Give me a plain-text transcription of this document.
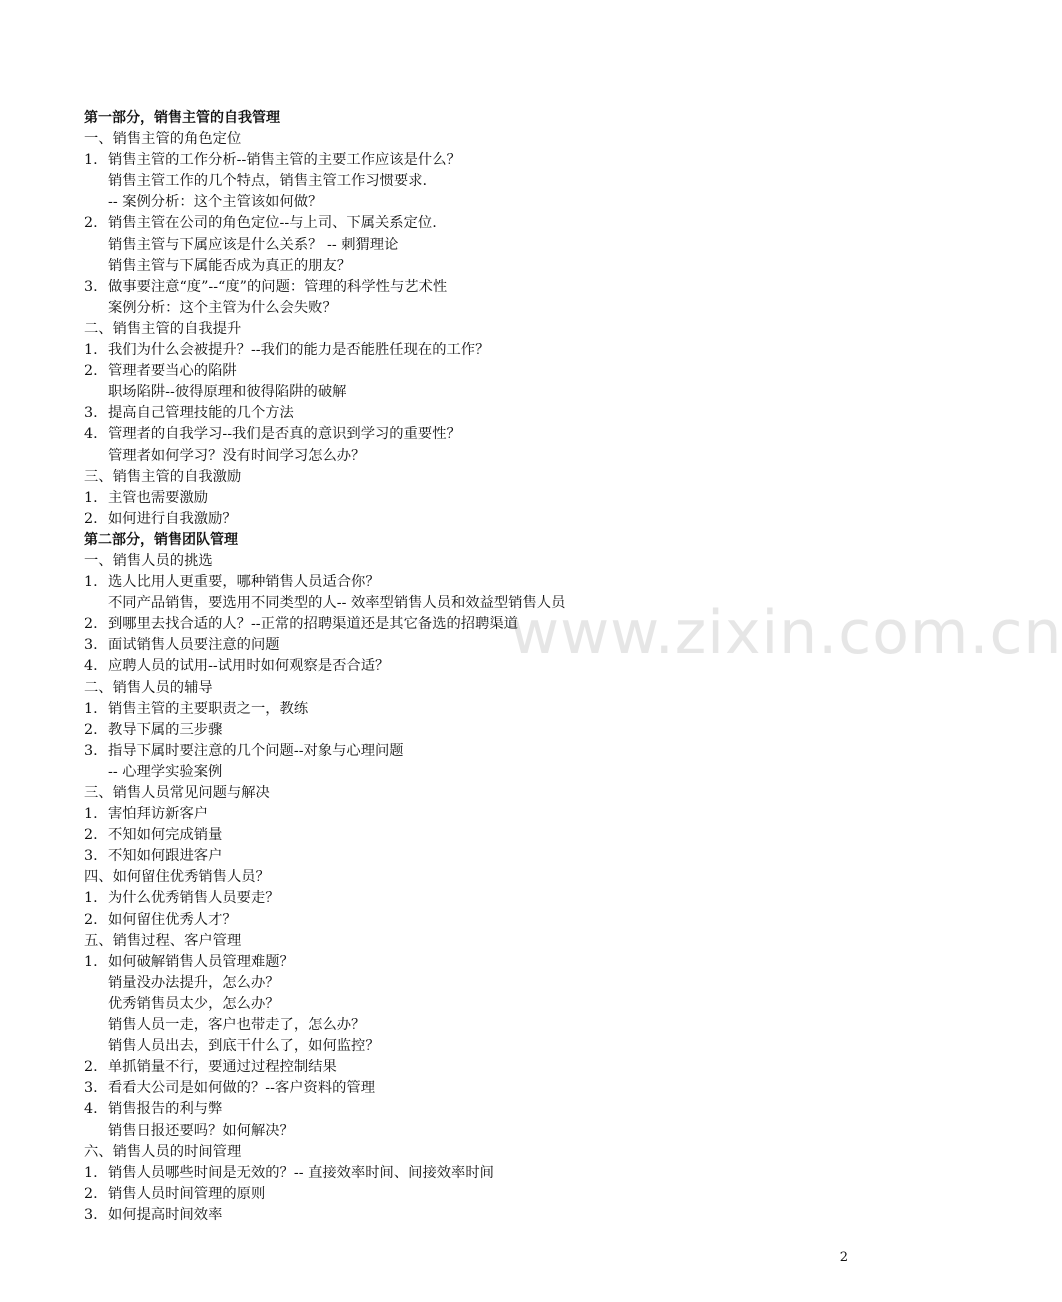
www.zixin.com.cn
第一部分，销售主管的自我管理
一、销售主管的角色定位
1. 销售主管的工作分析--销售主管的主要工作应该是什么？
销售主管工作的几个特点，销售主管工作习惯要求.
-- 案例分析：这个主管该如何做？
2. 销售主管在公司的角色定位--与上司、下属关系定位.
销售主管与下属应该是什么关系？ -- 刺猬理论
销售主管与下属能否成为真正的朋友？
3. 做事要注意“度”--“度”的问题：管理的科学性与艺术性
案例分析：这个主管为什么会失败？
二、销售主管的自我提升
1. 我们为什么会被提升？--我们的能力是否能胜任现在的工作？
2. 管理者要当心的陷阱
职场陷阱--彼得原理和彼得陷阱的破解
3. 提高自己管理技能的几个方法
4. 管理者的自我学习--我们是否真的意识到学习的重要性？
管理者如何学习？没有时间学习怎么办？
三、销售主管的自我激励
1. 主管也需要激励
2. 如何进行自我激励？
第二部分，销售团队管理
一、销售人员的挑选
1. 选人比用人更重要，哪种销售人员适合你？
不同产品销售，要选用不同类型的人-- 效率型销售人员和效益型销售人员
2. 到哪里去找合适的人？--正常的招聘渠道还是其它备选的招聘渠道
3. 面试销售人员要注意的问题
4. 应聘人员的试用--试用时如何观察是否合适？
二、销售人员的辅导
1. 销售主管的主要职责之一，教练
2. 教导下属的三步骤
3. 指导下属时要注意的几个问题--对象与心理问题
-- 心理学实验案例
三、销售人员常见问题与解决
1. 害怕拜访新客户
2. 不知如何完成销量
3. 不知如何跟进客户
四、如何留住优秀销售人员？
1. 为什么优秀销售人员要走？
2. 如何留住优秀人才？
五、销售过程、客户管理
1. 如何破解销售人员管理难题？
销量没办法提升，怎么办？
优秀销售员太少，怎么办？
销售人员一走，客户也带走了，怎么办？
销售人员出去，到底干什么了，如何监控？
2. 单抓销量不行，要通过过程控制结果
3. 看看大公司是如何做的？--客户资料的管理
4. 销售报告的利与弊
销售日报还要吗？如何解决？
六、销售人员的时间管理
1. 销售人员哪些时间是无效的？-- 直接效率时间、间接效率时间
2. 销售人员时间管理的原则
3. 如何提高时间效率
2
